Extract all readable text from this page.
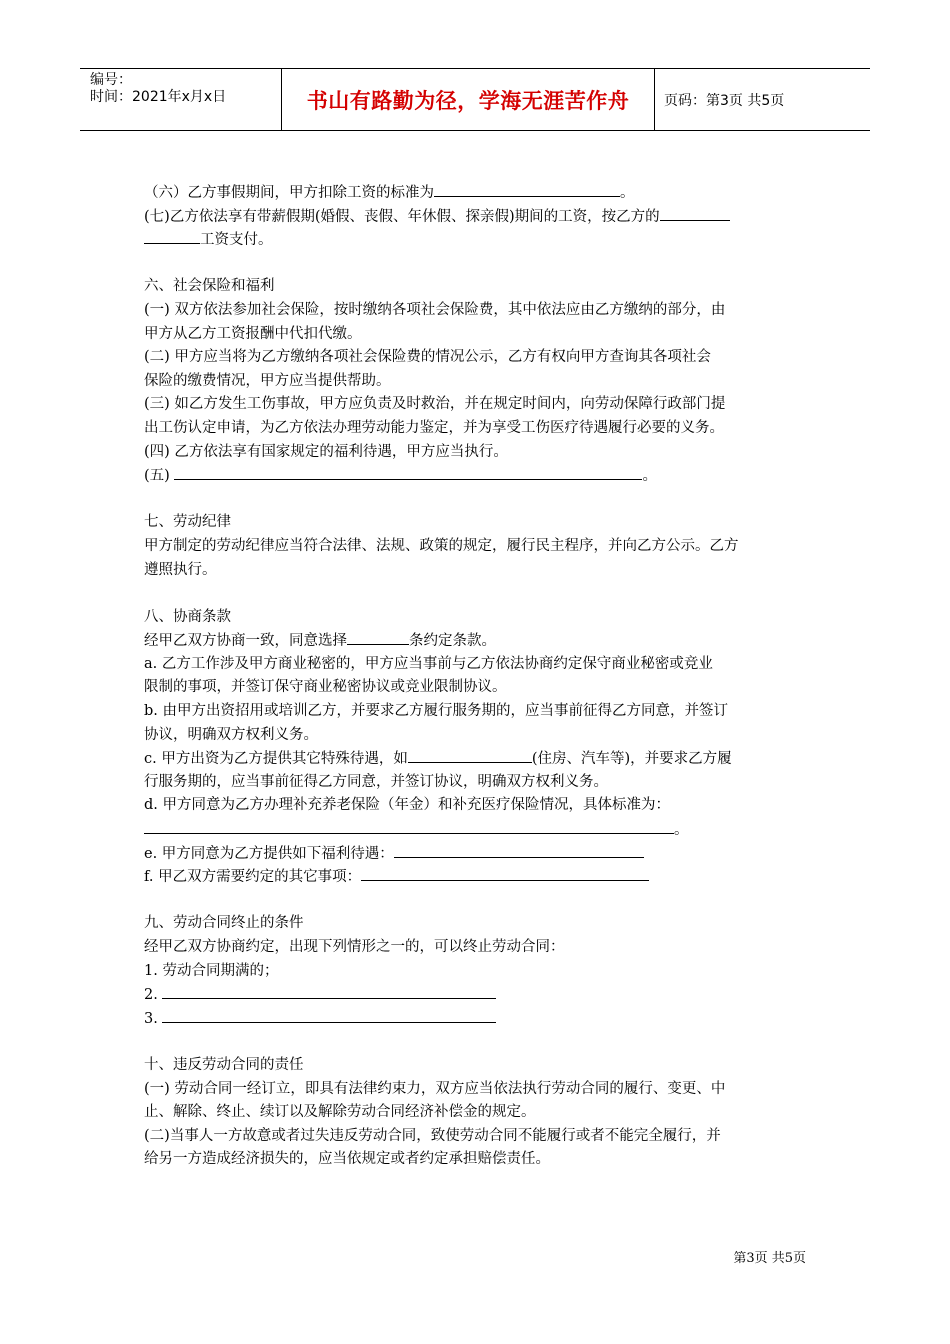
编号：
时间：2021年x月x日	书山有路勤为径，学海无涯苦作舟	页码：第3页 共5页
（六）乙方事假期间，甲方扣除工资的标准为	。
(七)乙方依法享有带薪假期(婚假、丧假、年休假、探亲假)期间的工资，按乙方的
工资支付。
六、社会保险和福利
(一) 双方依法参加社会保险，按时缴纳各项社会保险费，其中依法应由乙方缴纳的部分，由
甲方从乙方工资报酬中代扣代缴。
(二) 甲方应当将为乙方缴纳各项社会保险费的情况公示，乙方有权向甲方查询其各项社会
保险的缴费情况，甲方应当提供帮助。
(三) 如乙方发生工伤事故，甲方应负责及时救治，并在规定时间内，向劳动保障行政部门提
出工伤认定申请，为乙方依法办理劳动能力鉴定，并为享受工伤医疗待遇履行必要的义务。
(四) 乙方依法享有国家规定的福利待遇，甲方应当执行。
(五)	。
七、劳动纪律
甲方制定的劳动纪律应当符合法律、法规、政策的规定，履行民主程序，并向乙方公示。乙方
遵照执行。
八、协商条款
经甲乙双方协商一致，同意选择	条约定条款。
a. 乙方工作涉及甲方商业秘密的，甲方应当事前与乙方依法协商约定保守商业秘密或竞业
限制的事项，并签订保守商业秘密协议或竞业限制协议。
b. 由甲方出资招用或培训乙方，并要求乙方履行服务期的，应当事前征得乙方同意，并签订
协议，明确双方权利义务。
c. 甲方出资为乙方提供其它特殊待遇，如	(住房、汽车等)，并要求乙方履
行服务期的，应当事前征得乙方同意，并签订协议，明确双方权利义务。
d. 甲方同意为乙方办理补充养老保险（年金）和补充医疗保险情况，具体标准为：
。
e. 甲方同意为乙方提供如下福利待遇：
f. 甲乙双方需要约定的其它事项：
九、劳动合同终止的条件
经甲乙双方协商约定，出现下列情形之一的，可以终止劳动合同：
1. 劳动合同期满的；
2.
3.
十、违反劳动合同的责任
(一) 劳动合同一经订立，即具有法律约束力，双方应当依法执行劳动合同的履行、变更、中
止、解除、终止、续订以及解除劳动合同经济补偿金的规定。
(二)当事人一方故意或者过失违反劳动合同，致使劳动合同不能履行或者不能完全履行，并
给另一方造成经济损失的，应当依规定或者约定承担赔偿责任。
第3页 共5页
